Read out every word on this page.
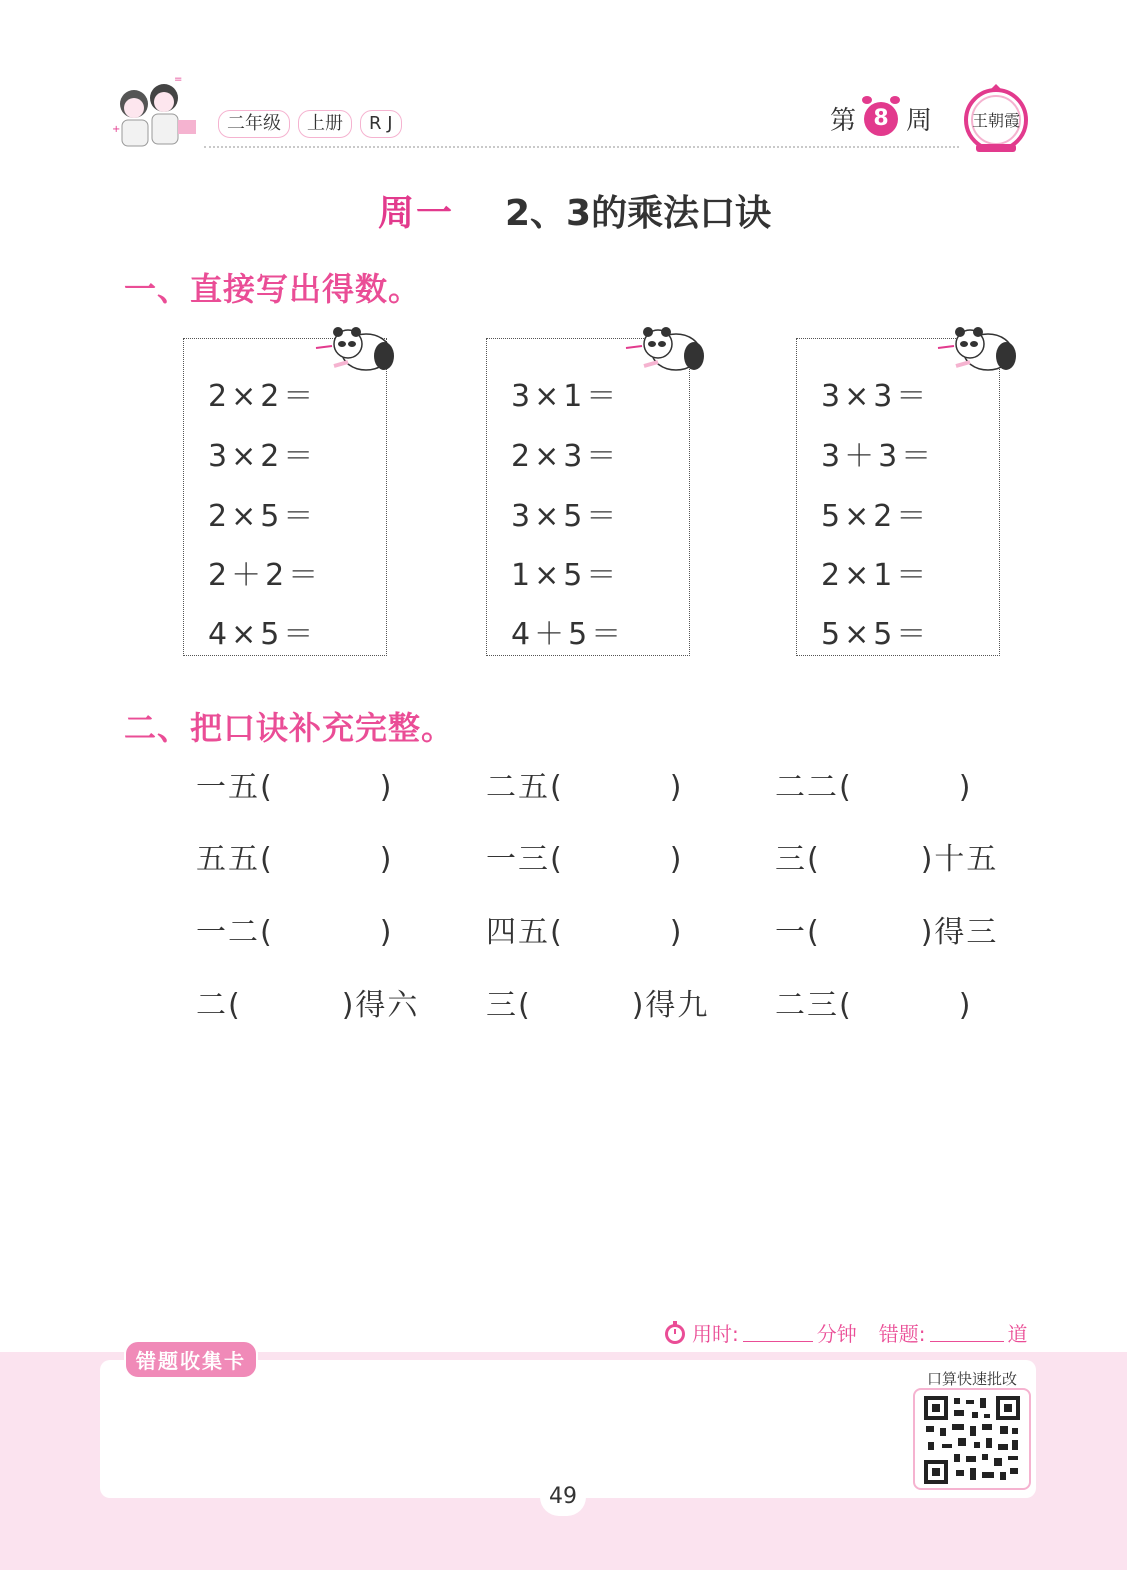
+
=
二年级	上册	R J	第 8 周 王朝霞
周一 2、3的乘法口诀
一、直接写出得数。
2×2＝
3×2＝
2×5＝
2＋2＝
4×5＝
3×1＝
2×3＝
3×5＝
1×5＝
4＋5＝
3×3＝
3＋3＝
5×2＝
2×1＝
5×5＝
二、把口诀补充完整。
一五(	)	二五(	)	二二(	)
五五(	)	一三(	)	三(	)十五
一二(	)	四五(	)	一(	)得三
二(	)得六 三(	)得九 二三(	)
用时:	分钟 错题:	道
错题收集卡
口算快速批改
49
